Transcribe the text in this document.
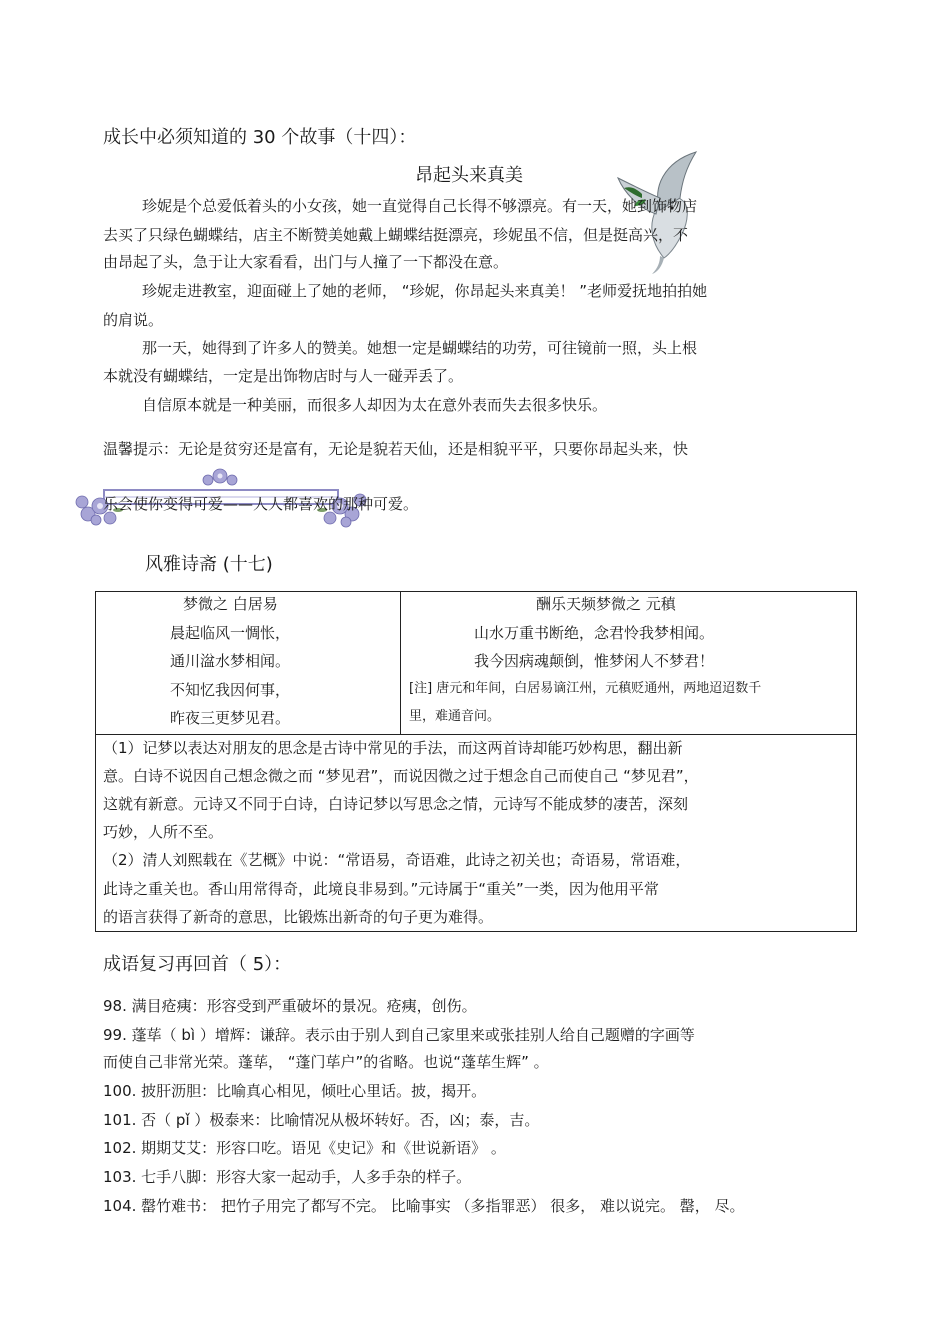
成长中必须知道的 30 个故事（十四）：
昂起头来真美
珍妮是个总爱低着头的小女孩，她一直觉得自己长得不够漂亮。有一天，她到饰物店
去买了只绿色蝴蝶结，店主不断赞美她戴上蝴蝶结挺漂亮，珍妮虽不信，但是挺高兴，不
由昂起了头，急于让大家看看，出门与人撞了一下都没在意。
珍妮走进教室，迎面碰上了她的老师， “珍妮，你昂起头来真美！ ”老师爱抚地拍拍她
的肩说。
那一天，她得到了许多人的赞美。她想一定是蝴蝶结的功劳，可往镜前一照，头上根
本就没有蝴蝶结，一定是出饰物店时与人一碰弄丢了。
自信原本就是一种美丽，而很多人却因为太在意外表而失去很多快乐。
温馨提示：无论是贫穷还是富有，无论是貌若天仙，还是相貌平平，只要你昂起头来，快
乐会使你变得可爱——人人都喜欢的那种可爱。
风雅诗斋 (十七)
梦微之 白居易
晨起临风一惆怅，
通川湓水梦相闻。
不知忆我因何事，
昨夜三更梦见君。
酬乐天频梦微之 元稹
山水万重书断绝，念君怜我梦相闻。
我今因病魂颠倒，惟梦闲人不梦君！
[注] 唐元和年间，白居易谪江州，元稹贬通州，两地迢迢数千
里，难通音问。
（1）记梦以表达对朋友的思念是古诗中常见的手法，而这两首诗却能巧妙构思，翻出新
意。白诗不说因自己想念微之而 “梦见君”，而说因微之过于想念自己而使自己 “梦见君”，
这就有新意。元诗又不同于白诗，白诗记梦以写思念之情，元诗写不能成梦的凄苦，深刻
巧妙，人所不至。
（2）清人刘熙载在《艺概》中说：“常语易，奇语难，此诗之初关也；奇语易，常语难，
此诗之重关也。香山用常得奇，此境良非易到。”元诗属于“重关”一类，因为他用平常
的语言获得了新奇的意思，比锻炼出新奇的句子更为难得。
成语复习再回首（ 5）：
98. 满目疮痍：形容受到严重破坏的景况。疮痍，创伤。
99. 蓬荜（ bì ）增辉：谦辞。表示由于别人到自己家里来或张挂别人给自己题赠的字画等
而使自己非常光荣。蓬荜， “蓬门荜户”的省略。也说“蓬荜生辉” 。
100. 披肝沥胆：比喻真心相见，倾吐心里话。披，揭开。
101. 否（ pǐ ）极泰来：比喻情况从极坏转好。否，凶；泰，吉。
102. 期期艾艾：形容口吃。语见《史记》和《世说新语》 。
103. 七手八脚：形容大家一起动手，人多手杂的样子。
104. 罄竹难书： 把竹子用完了都写不完。 比喻事实 （多指罪恶） 很多， 难以说完。 罄， 尽。
